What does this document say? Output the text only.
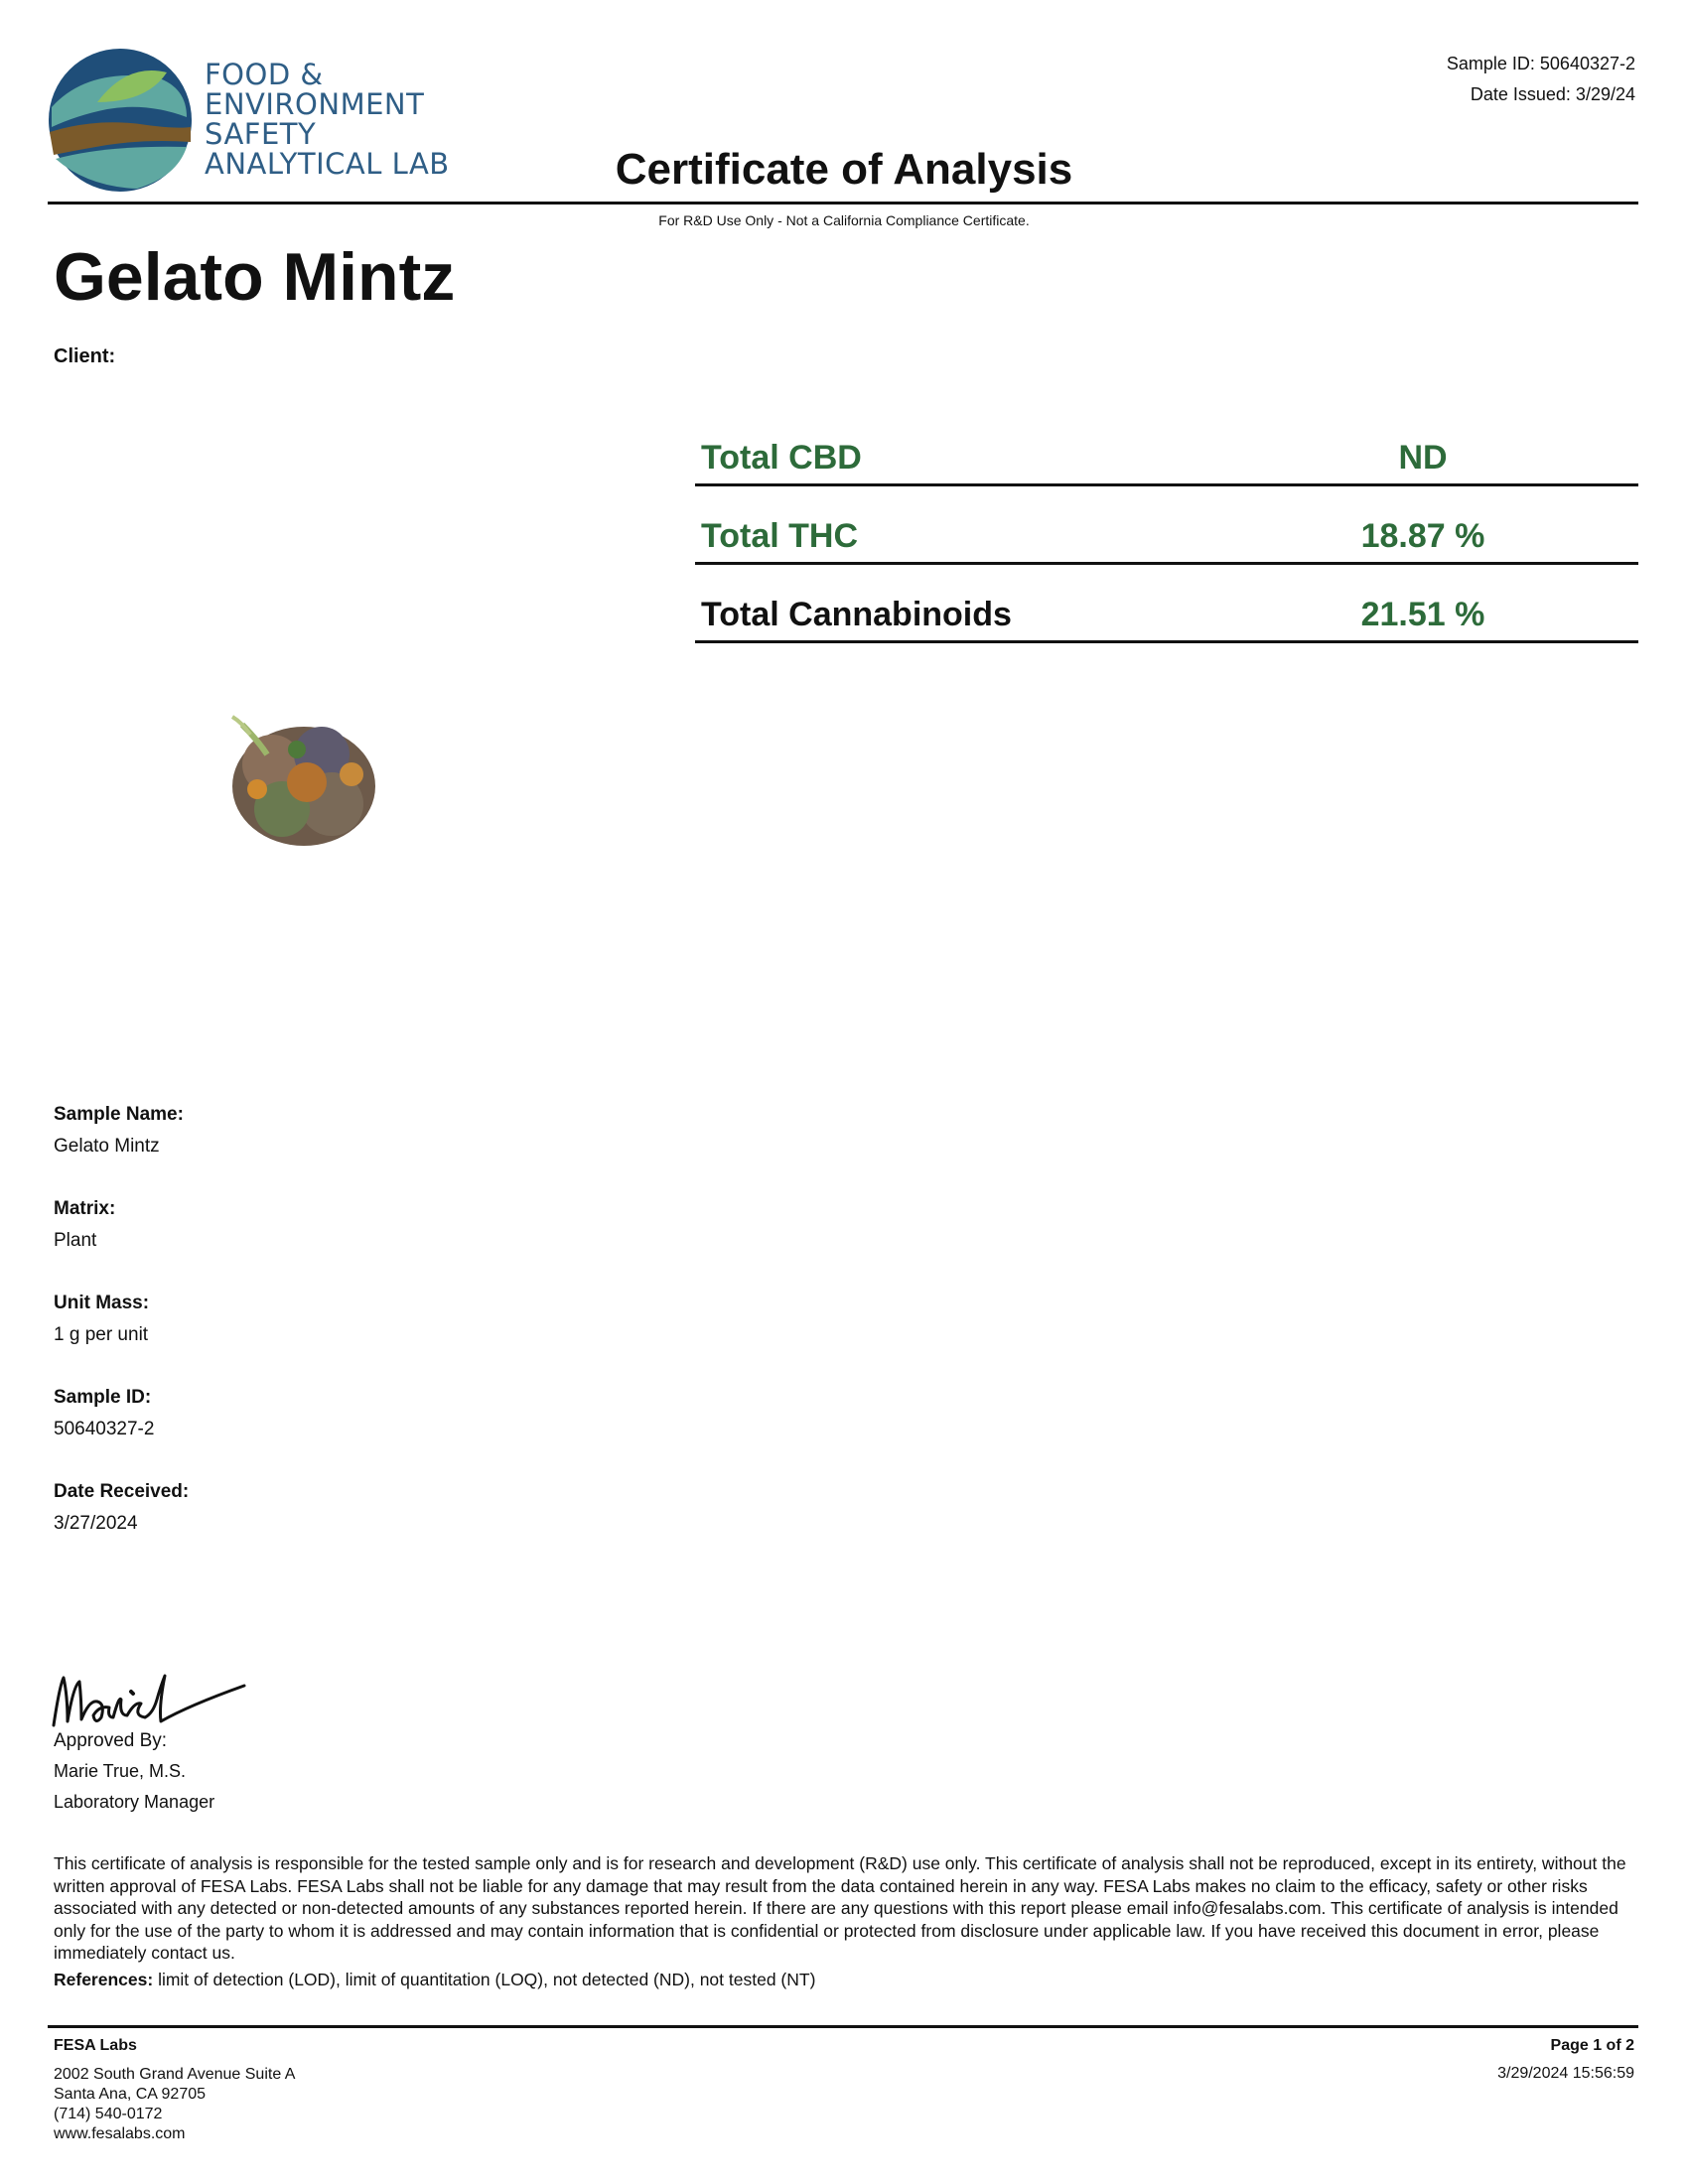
FOOD &
ENVIRONMENT
SAFETY
ANALYTICAL LAB
Sample ID: 50640327-2
Date Issued: 3/29/24
Certificate of Analysis
For R&D Use Only - Not a California Compliance Certificate.
Gelato Mintz
Client:
Total CBD	ND
Total THC	18.87 %
Total Cannabinoids	21.51 %
Sample Name:
Gelato Mintz
Matrix:
Plant
Unit Mass:
1 g per unit
Sample ID:
50640327-2
Date Received:
3/27/2024
Approved By:
Marie True, M.S.
Laboratory Manager
This certificate of analysis is responsible for the tested sample only and is for research and development (R&D) use only. This certificate of analysis shall not be reproduced, except in its entirety, without the written approval of FESA Labs. FESA Labs shall not be liable for any damage that may result from the data contained herein in any way. FESA Labs makes no claim to the efficacy, safety or other risks associated with any detected or non-detected amounts of any substances reported herein. If there are any questions with this report please email info@fesalabs.com. This certificate of analysis is intended only for the use of the party to whom it is addressed and may contain information that is confidential or protected from disclosure under applicable law. If you have received this document in error, please immediately contact us.
References: limit of detection (LOD), limit of quantitation (LOQ), not detected (ND), not tested (NT)
FESA Labs
2002 South Grand Avenue Suite A
Santa Ana, CA 92705
(714) 540-0172
www.fesalabs.com
Page 1 of 2
3/29/2024 15:56:59
